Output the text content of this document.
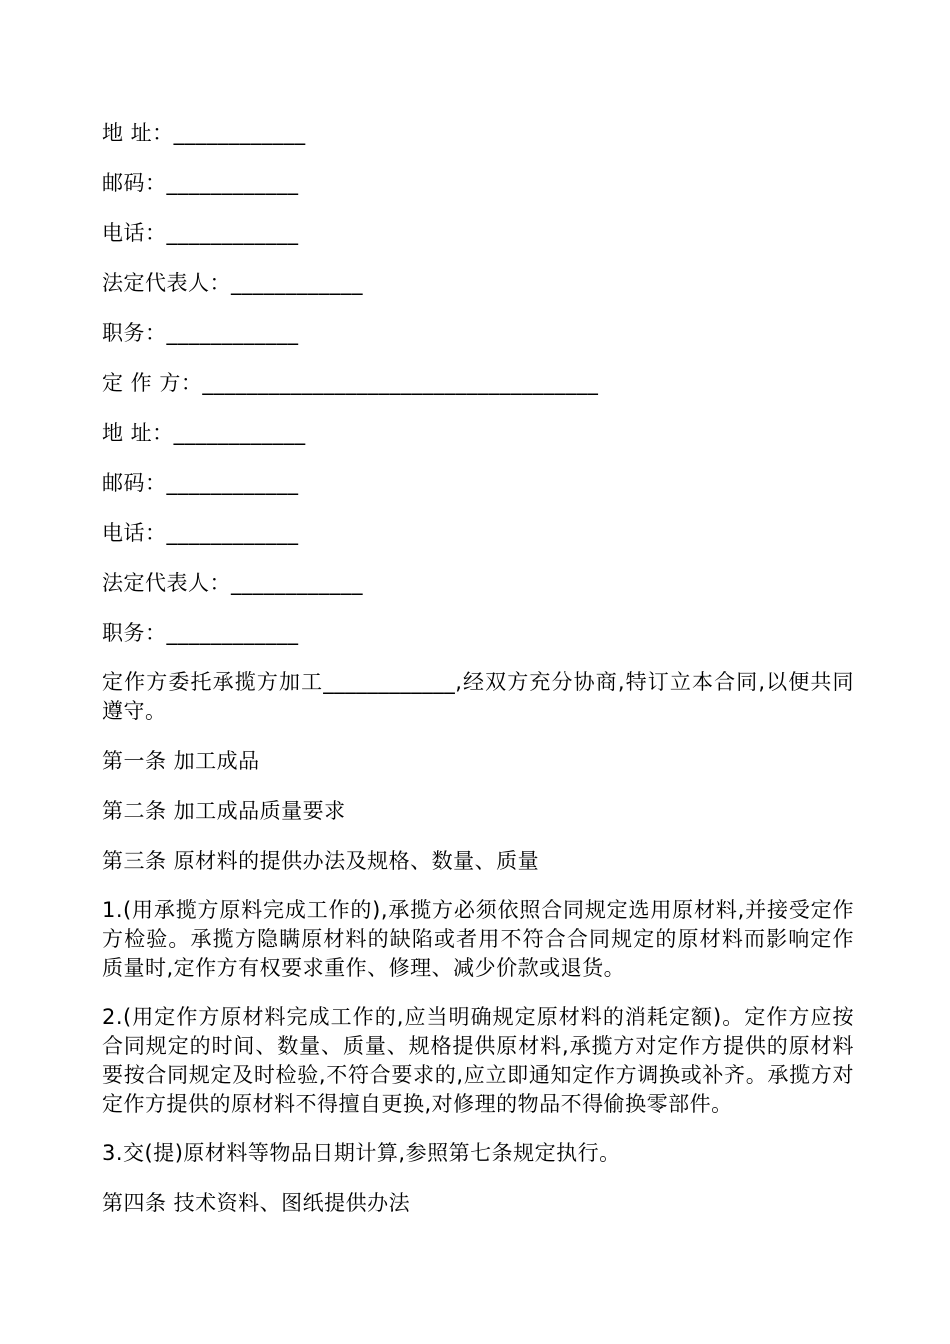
地 址：____________
邮码：____________
电话：____________
法定代表人：____________
职务：____________
定 作 方：____________________________________
地 址：____________
邮码：____________
电话：____________
法定代表人：____________
职务：____________
定作方委托承揽方加工____________,经双方充分协商,特订立本合同,以便共同遵守。
第一条 加工成品
第二条 加工成品质量要求
第三条 原材料的提供办法及规格、数量、质量
1.(用承揽方原料完成工作的),承揽方必须依照合同规定选用原材料,并接受定作方检验。承揽方隐瞒原材料的缺陷或者用不符合合同规定的原材料而影响定作质量时,定作方有权要求重作、修理、减少价款或退货。
2.(用定作方原材料完成工作的,应当明确规定原材料的消耗定额)。定作方应按合同规定的时间、数量、质量、规格提供原材料,承揽方对定作方提供的原材料要按合同规定及时检验,不符合要求的,应立即通知定作方调换或补齐。承揽方对定作方提供的原材料不得擅自更换,对修理的物品不得偷换零部件。
3.交(提)原材料等物品日期计算,参照第七条规定执行。
第四条 技术资料、图纸提供办法
